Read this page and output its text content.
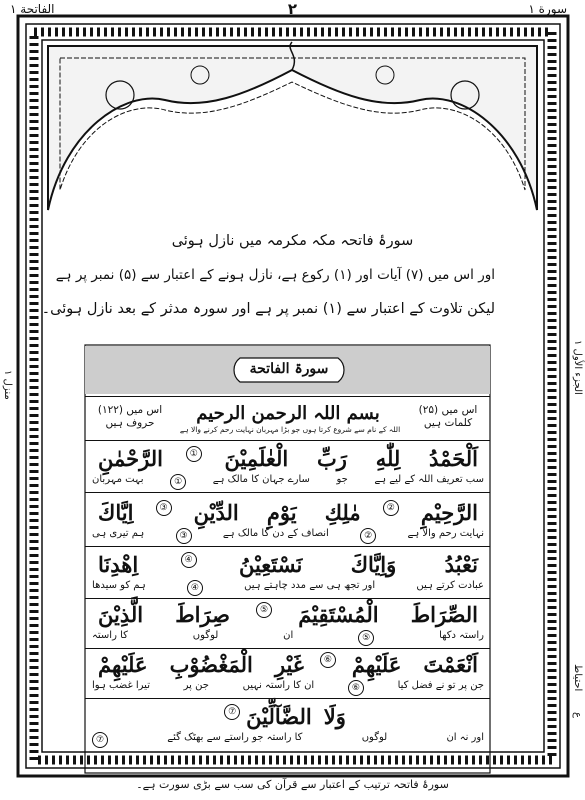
سورة ۱
۲
الفاتحة ۱
منزل ۱
الجزء الأول ۱
احتیاط
ع
سورۂ فاتحہ مکہ مکرمہ میں نازل ہوئی
اور اس میں (۷) آیات اور (۱) رکوع ہے، نازل ہونے کے اعتبار سے (۵) نمبر پر ہے
لیکن تلاوت کے اعتبار سے (۱) نمبر پر ہے اور سورہ مدثر کے بعد نازل ہوئی۔
سورۃ الفاتحة
اس میں (۲۵)
کلمات ہیں
اس میں (۱۲۲)
حروف ہیں	بسم اللہ الرحمن الرحیم
اللہ کے نام سے شروع کرتا ہوں جو بڑا مہربان نہایت رحم کرنے والا ہے
اَلْحَمْدُ
لِلّٰهِ
رَبِّ
الْعٰلَمِيْنَ
①
الرَّحْمٰنِ
سب تعریف اللہ کے لیے ہے
جو
سارے جہان کا مالک ہے
①
بہت مہربان
الرَّحِيْمِ
②
مٰلِكِ
يَوْمِ
الدِّيْنِ
③
اِيَّاكَ
نہایت رحم والا ہے
②
انصاف کے دن کا مالک ہے
③
ہم تیری ہی
نَعْبُدُ
وَاِيَّاكَ
نَسْتَعِيْنُ
④
اِهْدِنَا
عبادت کرتے ہیں
اور تجھ ہی سے مدد چاہتے ہیں
④
ہم کو سیدھا
الصِّرَاطَ
الْمُسْتَقِيْمَ
⑤
صِرَاطَ
الَّذِيْنَ
راستہ دکھا
⑤
ان
لوگوں
کا راستہ
اَنْعَمْتَ
عَلَيْهِمْ
⑥
غَيْرِ
الْمَغْضُوْبِ
عَلَيْهِمْ
جن پر تو نے فضل کیا
⑥
ان کا راستہ نہیں
جن پر
تیرا غضب ہوا
وَلَا
الضَّآلِّيْنَ
⑦
اور نہ ان
لوگوں
کا راستہ جو راستے سے بھٹک گئے
⑦
سورۂ فاتحہ ترتیب کے اعتبار سے قرآن کی سب سے بڑی سورت ہے۔
